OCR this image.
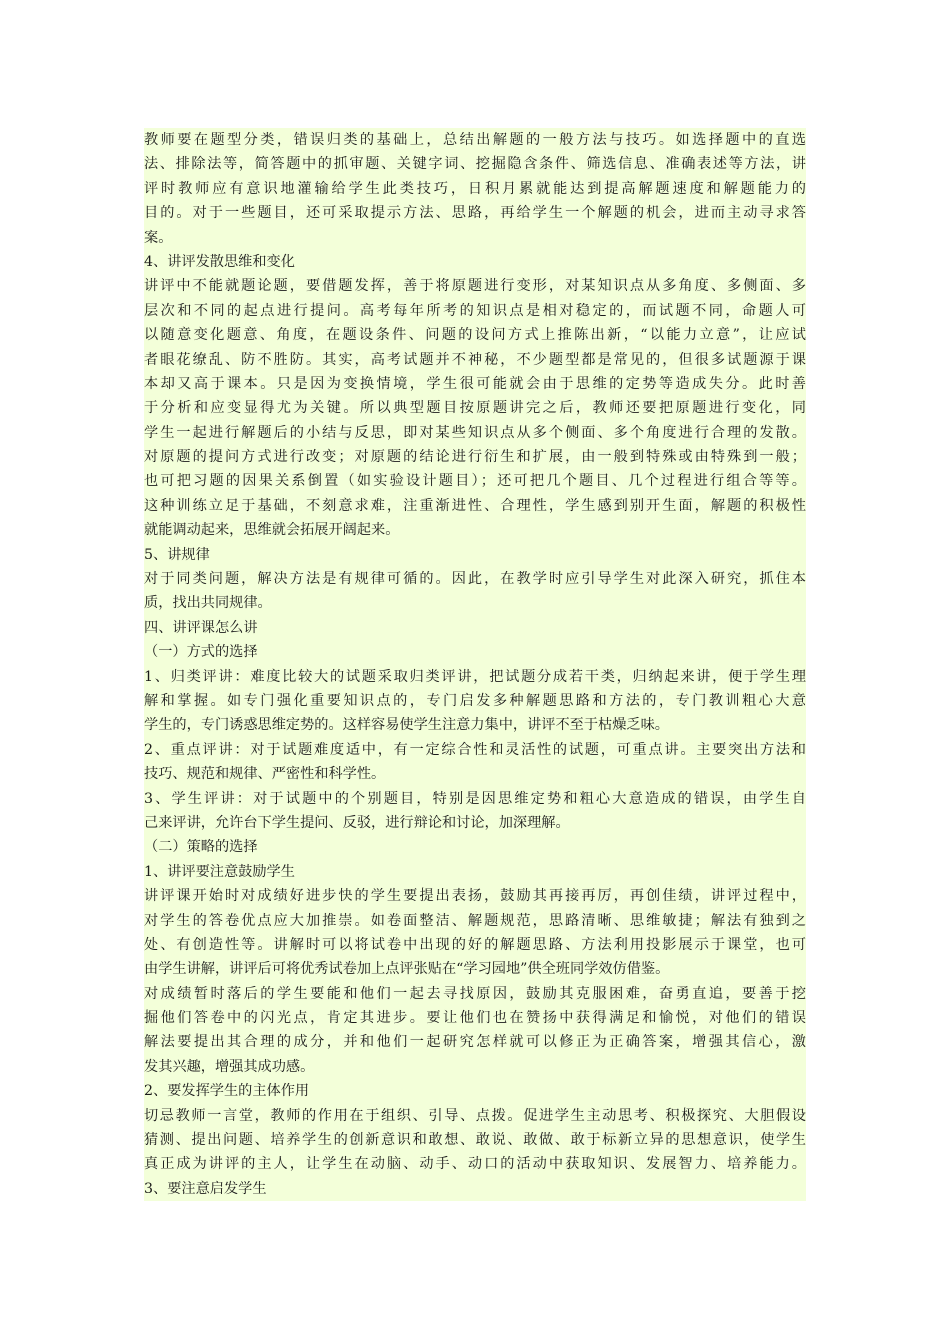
教师要在题型分类，错误归类的基础上，总结出解题的一般方法与技巧。如选择题中的直选
法、排除法等，简答题中的抓审题、关键字词、挖掘隐含条件、筛选信息、准确表述等方法，讲
评时教师应有意识地灌输给学生此类技巧，日积月累就能达到提高解题速度和解题能力的
目的。对于一些题目，还可采取提示方法、思路，再给学生一个解题的机会，进而主动寻求答
案。
4、讲评发散思维和变化
讲评中不能就题论题，要借题发挥，善于将原题进行变形，对某知识点从多角度、多侧面、多
层次和不同的起点进行提问。高考每年所考的知识点是相对稳定的，而试题不同，命题人可
以随意变化题意、角度，在题设条件、问题的设问方式上推陈出新，“以能力立意”，让应试
者眼花缭乱、防不胜防。其实，高考试题并不神秘，不少题型都是常见的，但很多试题源于课
本却又高于课本。只是因为变换情境，学生很可能就会由于思维的定势等造成失分。此时善
于分析和应变显得尤为关键。所以典型题目按原题讲完之后，教师还要把原题进行变化，同
学生一起进行解题后的小结与反思，即对某些知识点从多个侧面、多个角度进行合理的发散。
对原题的提问方式进行改变；对原题的结论进行衍生和扩展，由一般到特殊或由特殊到一般；
也可把习题的因果关系倒置（如实验设计题目）；还可把几个题目、几个过程进行组合等等。
这种训练立足于基础，不刻意求难，注重渐进性、合理性，学生感到别开生面，解题的积极性
就能调动起来，思维就会拓展开阔起来。
5、讲规律
对于同类问题，解决方法是有规律可循的。因此，在教学时应引导学生对此深入研究，抓住本
质，找出共同规律。
四、讲评课怎么讲
（一）方式的选择
1、归类评讲：难度比较大的试题采取归类评讲，把试题分成若干类，归纳起来讲，便于学生理
解和掌握。如专门强化重要知识点的，专门启发多种解题思路和方法的，专门教训粗心大意
学生的，专门诱惑思维定势的。这样容易使学生注意力集中，讲评不至于枯燥乏味。
2、重点评讲：对于试题难度适中，有一定综合性和灵活性的试题，可重点讲。主要突出方法和
技巧、规范和规律、严密性和科学性。
3、学生评讲：对于试题中的个别题目，特别是因思维定势和粗心大意造成的错误，由学生自
己来评讲，允许台下学生提问、反驳，进行辩论和讨论，加深理解。
（二）策略的选择
1、讲评要注意鼓励学生
讲评课开始时对成绩好进步快的学生要提出表扬，鼓励其再接再厉，再创佳绩，讲评过程中，
对学生的答卷优点应大加推崇。如卷面整洁、解题规范，思路清晰、思维敏捷；解法有独到之
处、有创造性等。讲解时可以将试卷中出现的好的解题思路、方法利用投影展示于课堂，也可
由学生讲解，讲评后可将优秀试卷加上点评张贴在“学习园地”供全班同学效仿借鉴。
对成绩暂时落后的学生要能和他们一起去寻找原因，鼓励其克服困难，奋勇直追，要善于挖
掘他们答卷中的闪光点，肯定其进步。要让他们也在赞扬中获得满足和愉悦，对他们的错误
解法要提出其合理的成分，并和他们一起研究怎样就可以修正为正确答案，增强其信心，激
发其兴趣，增强其成功感。
2、要发挥学生的主体作用
切忌教师一言堂，教师的作用在于组织、引导、点拨。促进学生主动思考、积极探究、大胆假设
猜测、提出问题、培养学生的创新意识和敢想、敢说、敢做、敢于标新立异的思想意识，使学生
真正成为讲评的主人，让学生在动脑、动手、动口的活动中获取知识、发展智力、培养能力。
3、要注意启发学生
